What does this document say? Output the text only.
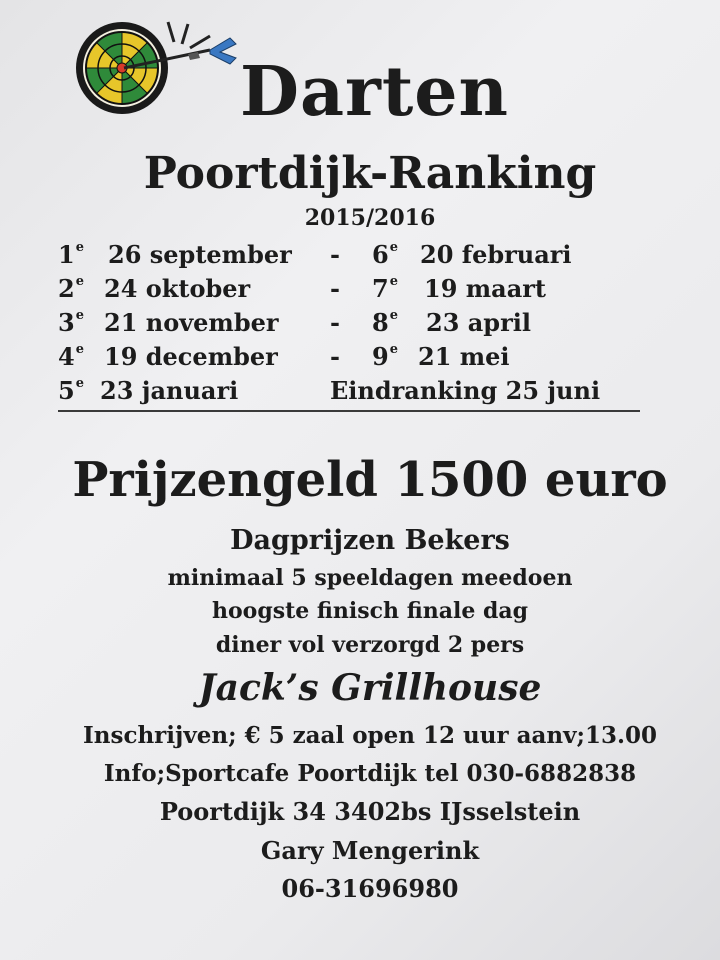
Darten
Poortdijk-Ranking
2015/2016
1e 26 september - 6e 20 februari
2e 24 oktober	- 7e 19 maart
3e 21 november - 8e 23 april
4e 19 december - 9e 21 mei
5e 23 januari	Eindranking 25 juni
Prijzengeld 1500 euro
Dagprijzen Bekers
minimaal 5 speeldagen meedoen
hoogste finisch finale dag
diner vol verzorgd 2 pers
Jack’s Grillhouse
Inschrijven; € 5 zaal open 12 uur aanv;13.00
Info;Sportcafe Poortdijk tel 030-6882838
Poortdijk 34 3402bs IJsselstein
Gary Mengerink
06-31696980
